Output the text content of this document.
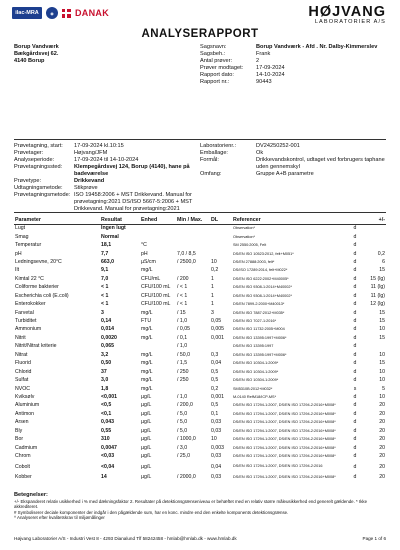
ilac-MRA	◉	DANAK	HØJVANG
LABORATORIER A/S
ANALYSERAPPORT
Borup Vandværk
Bækgårdsvej 62.
4140 Borup
Sagsnavn:	Borup Vandværk - Afd . Nr. Dalby-Kimmerslev
Sagsbeh.:	Frank
Antal prøver:	2
Prøver modtaget:	17-09-2024
Rapport dato:	14-10-2024
Rapport nr.:	90443
Prøvetagning, start:	17-09-2024 kl.10:15
Prøvetager:	Højvang/JFM
Analyseperiode:	17-09-2024 til 14-10-2024
Prøvetagningssted:	Klempegårdsvej 124, Borup (4140), hane på badeværelse
Prøvetype:	Drikkevand
Udtagningsmetode:	Stikprøve
Prøvetagningsmetode: ISO 19458:2006 + MST Drikkevand. Manual for prøvetagning:2021 DS/ISO 5667-5:2006 + MST Drikkevand. Manual for prøvetagning:2021
Laboratorienr.:	DV24250252-001
Emballage:	Ok
Formål:	Drikkevandskontrol, udtaget ved forbrugers taphane uden gennemskyl
Omfang:	Gruppe A+B parametre
Parameter	Resultat	Enhed	Min / Max.	DL	Referencer		+/-
Lugt	Ingen lugt				Observation*	d	
Smag	Normal				Observation*	d	
Temperatur	18,1	°C			SM 2550:2005, Felt	d	
pH	7,7	pH	7,0 / 8,5		DS/EN ISO 10523:2012, felt+M051*	d	0,2
Ledningsevne, 20°C	663,0	µS/cm	/ 2500,0	10	DS/EN 27888:2003, felt*	d	6
Ilt	9,1	mg/L		0,2	DS/ISO 17289:2014, felt+M022*	d	15
Kimtal 22 °C	7,0	CFU/mL	/ 200	1	DS/EN ISO 6222:2002+M40005*	d	15 (lg)
Coliforme bakterier	< 1	CFU/100 mL	/ < 1	1	DS/EN ISO 9308-1:2014+M40002*	d	11 (lg)
Escherichia coli (E.coli)	< 1	CFU/100 mL	/ < 1	1	DS/EN ISO 9308-1:2014+M40002*	d	11 (lg)
Enterokokker	< 1	CFU/100 mL	/ < 1	1	DS/EN 7899-2:2000+M40013*	d	12 (lg)
Farvetal	3	mg/L	/ 15	3	DS/EN ISO 7887:2012+M035*	d	15
Turbiditet	0,14	FTU	/ 1,0	0,05	DS/EN ISO 7027-1:2016*	d	15
Ammonium	0,014	mg/L	/ 0,05	0,005	DS/EN ISO 11732:2005+M004	d	10
Nitrit	0,0020	mg/L	/ 0,1	0,001	DS/EN ISO 13395:1997+M006*	d	15
Nitrit/Nitrat kriterie	0,065		/ 1,0		DS/EN ISO 13395:1997	d	
Nitrat	3,2	mg/L	/ 50,0	0,3	DS/EN ISO 13395:1997+M006*	d	10
Fluorid	0,50	mg/L	/ 1,5	0,04	DS/EN ISO 10304-1:2009*	d	15
Chlorid	37	mg/L	/ 250	0,5	DS/EN ISO 10304-1:2009*	d	10
Sulfat	3,0	mg/L	/ 250	0,5	DS/EN ISO 10304-1:2009*	d	10
NVOC	1,8	mg/L		0,2	SM5310B:2012+M032*	s	5
Kviksølv	<0,001	µg/L	/ 1,0	0,001	M-0140 RefM18/ICP-MS*	d	10
Aluminium	<0,5	µg/L	/ 200,0	0,5	DS/EN ISO 17294-1:2007, DS/EN ISO 17294-2:2016+M008*	d	20
Antimon	<0,1	µg/L	/ 5,0	0,1	DS/EN ISO 17294-1:2007, DS/EN ISO 17294-2:2016+M008*	d	20
Arsen	0,043	µg/L	/ 5,0	0,03	DS/EN ISO 17294-1:2007, DS/EN ISO 17294-2:2016+M008*	d	20
Bly	0,55	µg/L	/ 5,0	0,03	DS/EN ISO 17294-1:2007, DS/EN ISO 17294-2:2016+M008*	d	20
Bor	310	µg/L	/ 1000,0	10	DS/EN ISO 17294-1:2007, DS/EN ISO 17294-2:2016+M008*	d	20
Cadmium	0,0047	µg/L	/ 3,0	0,003	DS/EN ISO 17294-1:2007, DS/EN ISO 17294-2:2016+M008*	d	20
Chrom	<0,03	µg/L	/ 25,0	0,03	DS/EN ISO 17294-1:2007, DS/EN ISO 17294-2:2016+M008*	d	20
Cobolt	<0,04	µg/L		0,04	DS/EN ISO 17294-1:2007, DS/EN ISO 17294-2:2016	d	20
Kobber	14	µg/L	/ 2000,0	0,03	DS/EN ISO 17294-1:2007, DS/EN ISO 17294-2:2016+M008*	d	20
Betegnelser:

+/- Ekspanderet relativ usikkerhed i % med dækningsfaktor 2. Resultater på detektionsgrænseniveau er behæftet med en relativ større måleusikkerhed end generelt gældende. * Ikke akkrediteret.

# Symboliserer deciale komponenter der indgår i den pågældende sum, har en konc. mindre end den enkelte komponents detektionsgrænse.

^ Analyseret efter kvalitetskrav til miljømålinger

Højvang Laboratorier A/S - Industri Vest 8 - 4293 Dianalund Tlf 58242458 - hmlab@hmlab.dk - www.hmlab.dk	Page 1 of 6
